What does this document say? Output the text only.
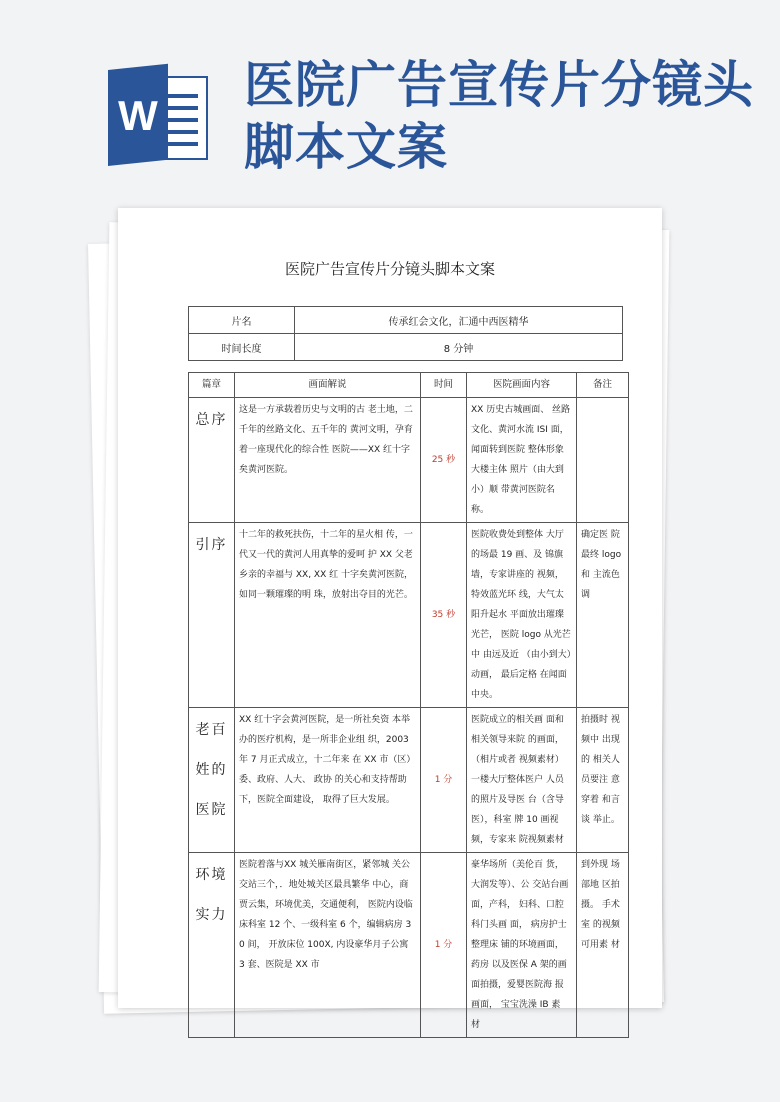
W
医院广告宣传片分镜头脚本文案
医院广告宣传片分镜头脚本文案
片名	传承红会文化，汇通中西医精华
时间长度	8 分钟
篇章	画面解说	时间	医院画面内容	备注
总序	这是一方承载着历史与文明的古 老土地，二千年的丝路文化、五千年的 黄河文明，孕育着一座现代化的综合性 医院——XX 红十字矣黄河医院。	25 秒	XX 历史古城画面、 丝路文化、黄河水流 ISI 面，闻面转到医院 整体形象大楼主体 照片（由大到小）顺 带黄河医院名称。	
引序	十二年的救死扶伤，十二年的星火相 传，一代又一代的黄河人用真挚的爱呵 护 XX 父老乡亲的幸福与 XX, XX 红 十字矣黄河医院，如同一颗璀璨的明 珠，放射出夺目的光芒。	35 秒	医院收费处到整体 大厅的场最 19 画、及 锦旗墙，专家讲座的 视频，特效蓝光环 线，大气太阳升起水 平面放出璀璨光芒， 医院 logo 从光芒中 由远及近 （由小到大）动画， 最后定格 在闻面中央。	确定医 院最终 logo 和 主流色调
老百姓的医院	XX 红十字会黄河医院，是一所社矣资 本举办的医疗机构，是一所非企业组 织，2003 年 7 月正式成立，十二年来 在 XX 市（区）委、政府、人大、 政协 的关心和支持帮助下，医院全面建设， 取得了巨大发展。	1 分	医院成立的相关画 面和相关领导来院 的画面，（相片或者 视频素材）一楼大厅整体医户 人员的照片及导医 台（含导医），科室 牌 10 画视频，专家来 院视频素材	拍摄时 视频中 出现的 相关人员要注 意穿着 和言谈 举止。
环境实力	医院着落与XX 城关雁南街区，紧邻城 关公交站三个，．地处城关区最具繁华 中心，商贾云集，环境优美，交通便利， 医院内设临床科室 12 个、一级科室 6 个，编辑病房 30 间， 开放床位 100X, 内设豪华月子公寓 3 套、医院是 XX 市	1 分	豪华场所（美伦百 货，大润发等）、公 交站台画面，产科， 妇科、口腔科门头画 面， 病房护士整理床 铺的环境画面， 药房 以及医保 A 架的画 面拍摄，爱婴医院海 报画面， 宝宝洗澡 IB 素 材	到外现 场部地 区拍摄。 手术室 的视频 可用素 材
